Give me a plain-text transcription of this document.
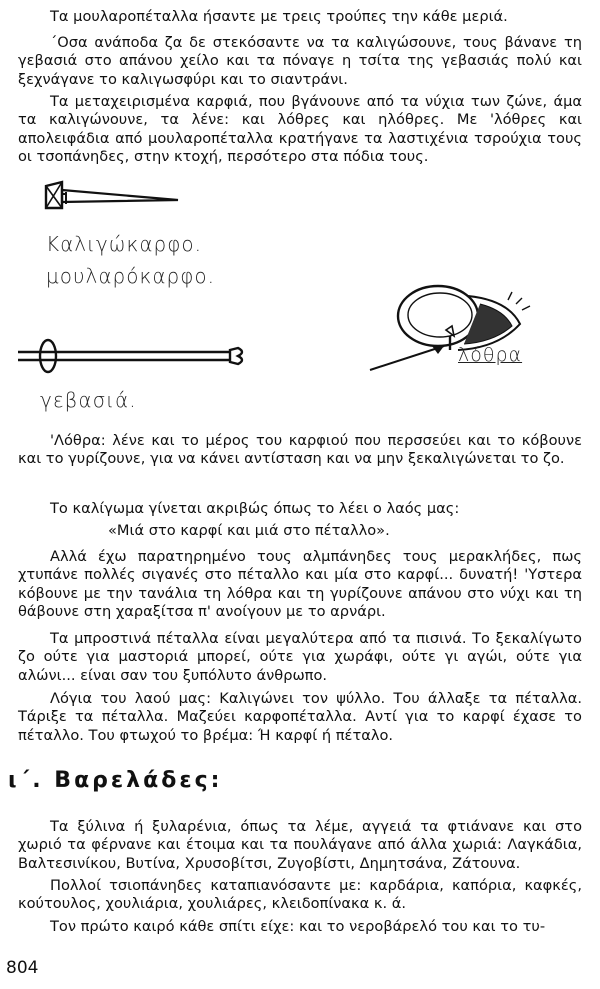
Τα μουλαροπέταλλα ήσαντε με τρεις τρούπες την κάθε μεριά.

΄Οσα ανάποδα ζα δε στεκόσαντε να τα καλιγώσουνε, τους βάνανε τη γεβασιά στο απάνου χείλο και τα πόναγε η τσίτα της γεβασιάς πολύ και ξεχνάγανε το καλιγωσφύρι και το σιαντράνι.

Τα μεταχειρισμένα καρφιά, που βγάνουνε από τα νύχια των ζώνε, άμα τα καλιγώνουνε, τα λένε: και λόθρες και ηλόθρες. Με 'λόθρες και απολειφάδια από μουλαροπέταλλα κρατήγανε τα λαστιχένια τσρούχια τους οι τσοπάνηδες, στην κτοχή, περσότερο στα πόδια τους.

Καλιγώκαρφο.
μουλαρόκαρφο.
γεβασιά.
λόθρα

'Λόθρα: λένε και το μέρος του καρφιού που περσσεύει και το κόβουνε και το γυρίζουνε, για να κάνει αντίσταση και να μην ξεκαλιγώνεται το ζο.

Το καλίγωμα γίνεται ακριβώς όπως το λέει ο λαός μας:

«Μιά στο καρφί και μιά στο πέταλλο».

Αλλά έχω παρατηρημένο τους αλμπάνηδες τους μερακλήδες, πως χτυπάνε πολλές σιγανές στο πέταλλο και μία στο καρφί... δυνατή! 'Υστερα κόβουνε με την τανάλια τη λόθρα και τη γυρίζουνε απάνου στο νύχι και τη θάβουνε στη χαραξίτσα π' ανοίγουν με το αρνάρι.

Τα μπροστινά πέταλλα είναι μεγαλύτερα από τα πισινά. Το ξεκαλίγωτο ζο ούτε για μαστοριά μπορεί, ούτε για χωράφι, ούτε γι αγώι, ούτε για αλώνι... είναι σαν του ξυπόλυτο άνθρωπο.

Λόγια του λαού μας: Καλιγώνει τον ψύλλο. Του άλλαξε τα πέταλλα. Τάριξε τα πέταλλα. Μαζεύει καρφοπέταλλα. Αντί για το καρφί έχασε το πέταλλο. Του φτωχού το βρέμα: Ή καρφί ή πέταλο.

ι΄. Βαρελάδες:

Τα ξύλινα ή ξυλαρένια, όπως τα λέμε, αγγειά τα φτιάνανε και στο χωριό τα φέρνανε και έτοιμα και τα πουλάγανε από άλλα χωριά: Λαγκάδια, Βαλτεσινίκου, Βυτίνα, Χρυσοβίτσι, Ζυγοβίστι, Δημητσάνα, Ζάτουνα.

Πολλοί τσιοπάνηδες καταπιανόσαντε με: καρδάρια, καπόρια, καφκές, κούτουλος, χουλιάρια, χουλιάρες, κλειδοπίνακα κ. ά.

Τον πρώτο καιρό κάθε σπίτι είχε: και το νεροβάρελό του και το τυ-

804
